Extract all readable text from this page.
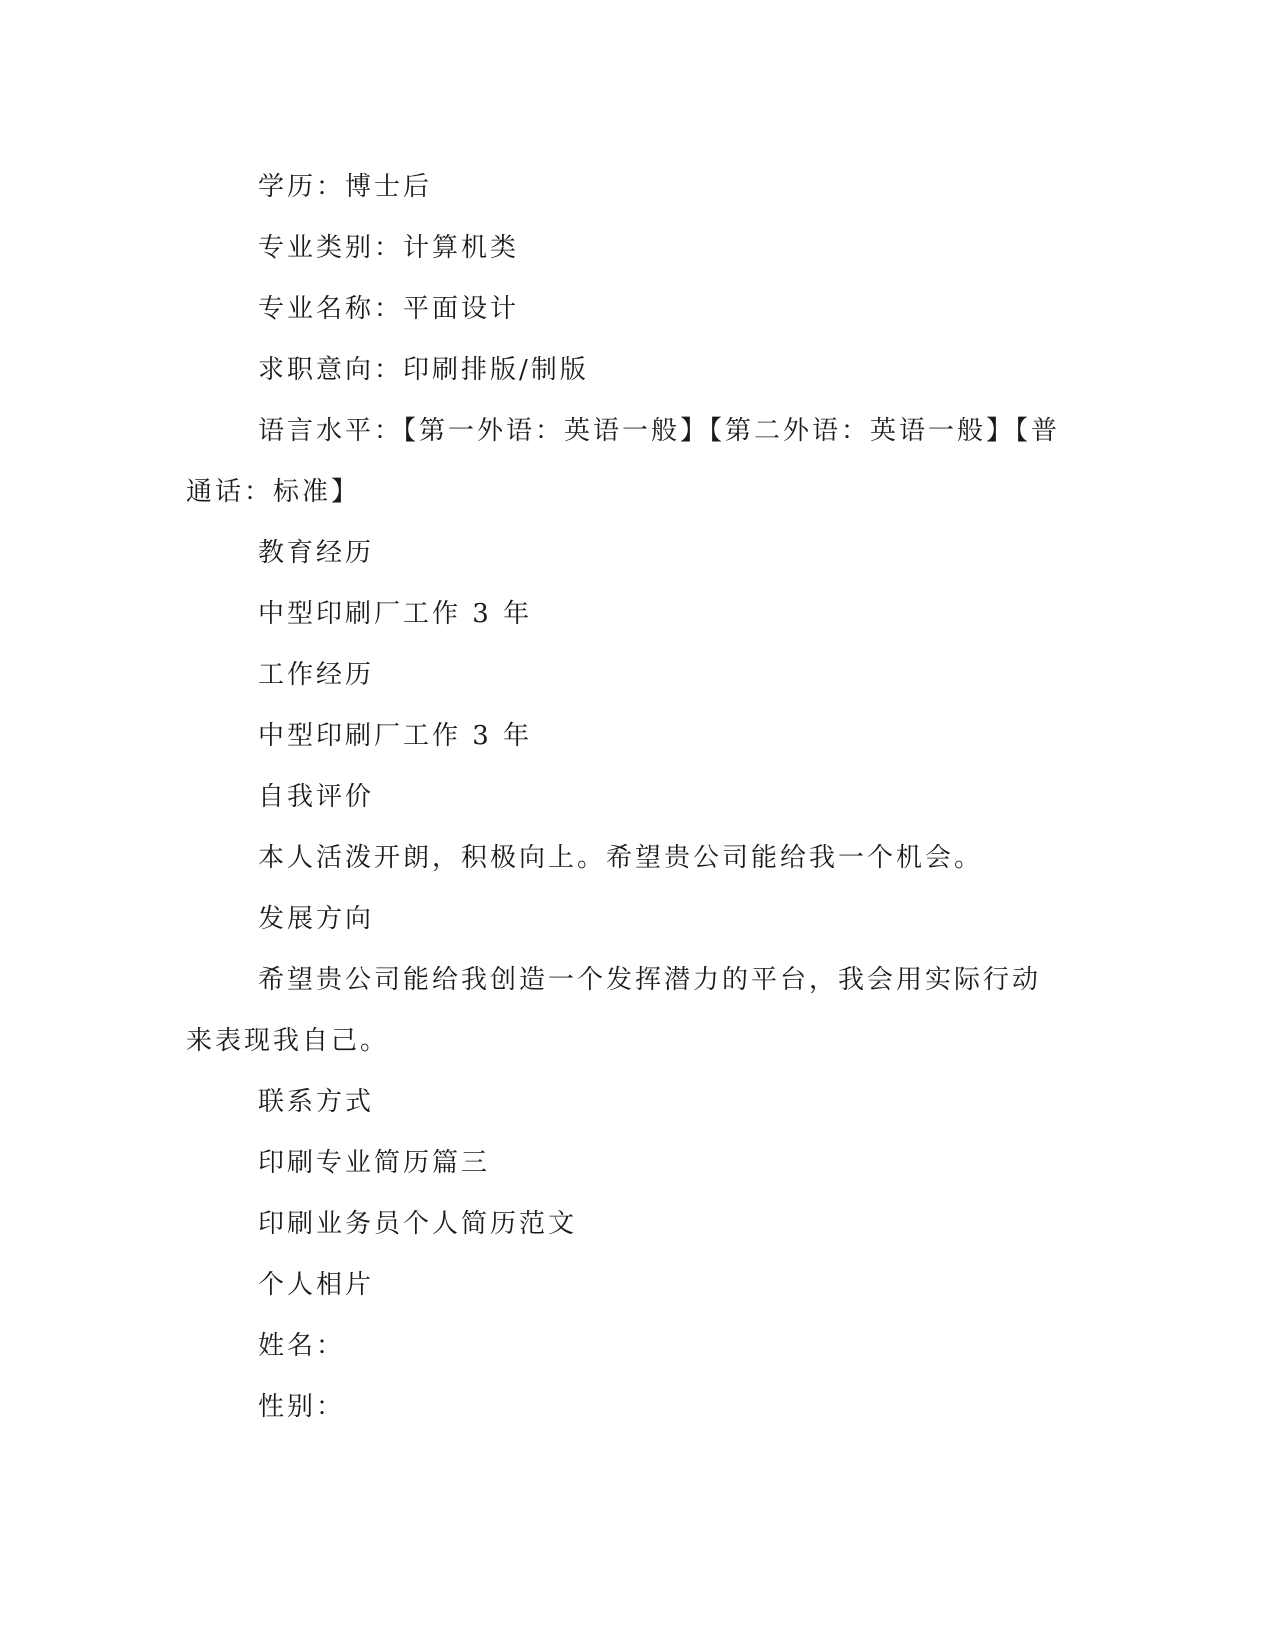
学历：博士后

专业类别：计算机类

专业名称：平面设计

求职意向：印刷排版/制版

语言水平：【第一外语：英语一般】【第二外语：英语一般】【普通话：标准】

教育经历

中型印刷厂工作 3 年

工作经历

中型印刷厂工作 3 年

自我评价

本人活泼开朗，积极向上。希望贵公司能给我一个机会。

发展方向

希望贵公司能给我创造一个发挥潜力的平台，我会用实际行动来表现我自己。

联系方式

印刷专业简历篇三

印刷业务员个人简历范文

个人相片

姓名：

性别：
